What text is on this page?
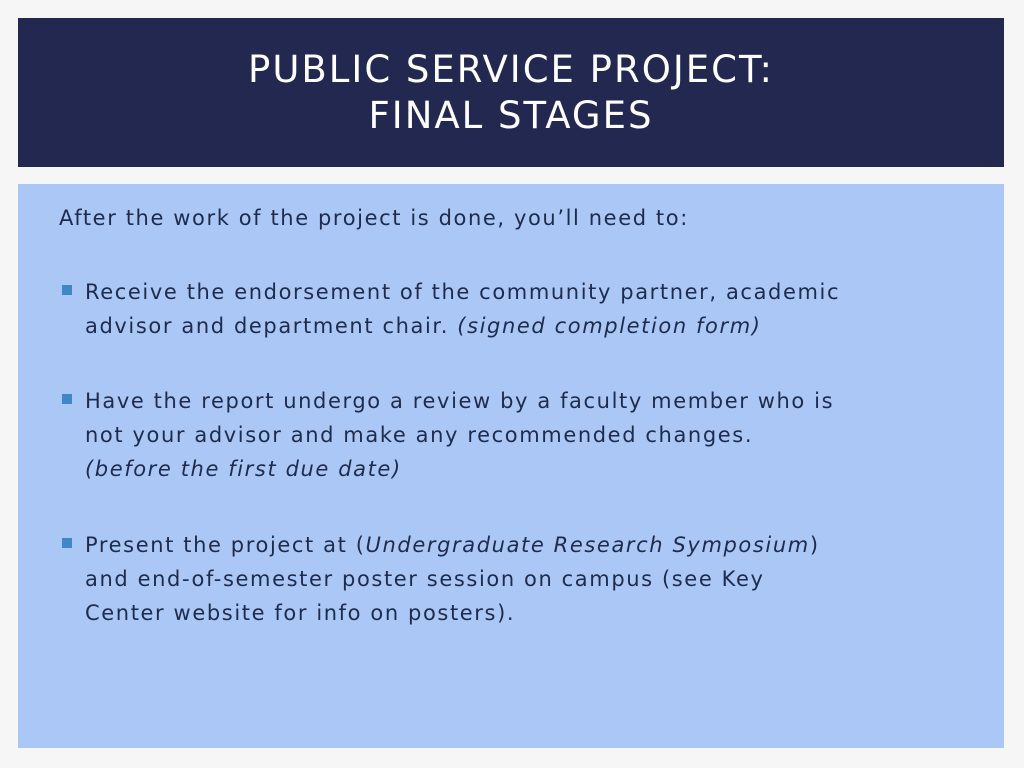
PUBLIC SERVICE PROJECT:
FINAL STAGES
After the work of the project is done, you’ll need to:
Receive the endorsement of the community partner, academic
advisor and department chair. (signed completion form)
Have the report undergo a review by a faculty member who is
not your advisor and make any recommended changes.
(before the first due date)
Present the project at (Undergraduate Research Symposium)
and end-of-semester poster session on campus (see Key
Center website for info on posters).
